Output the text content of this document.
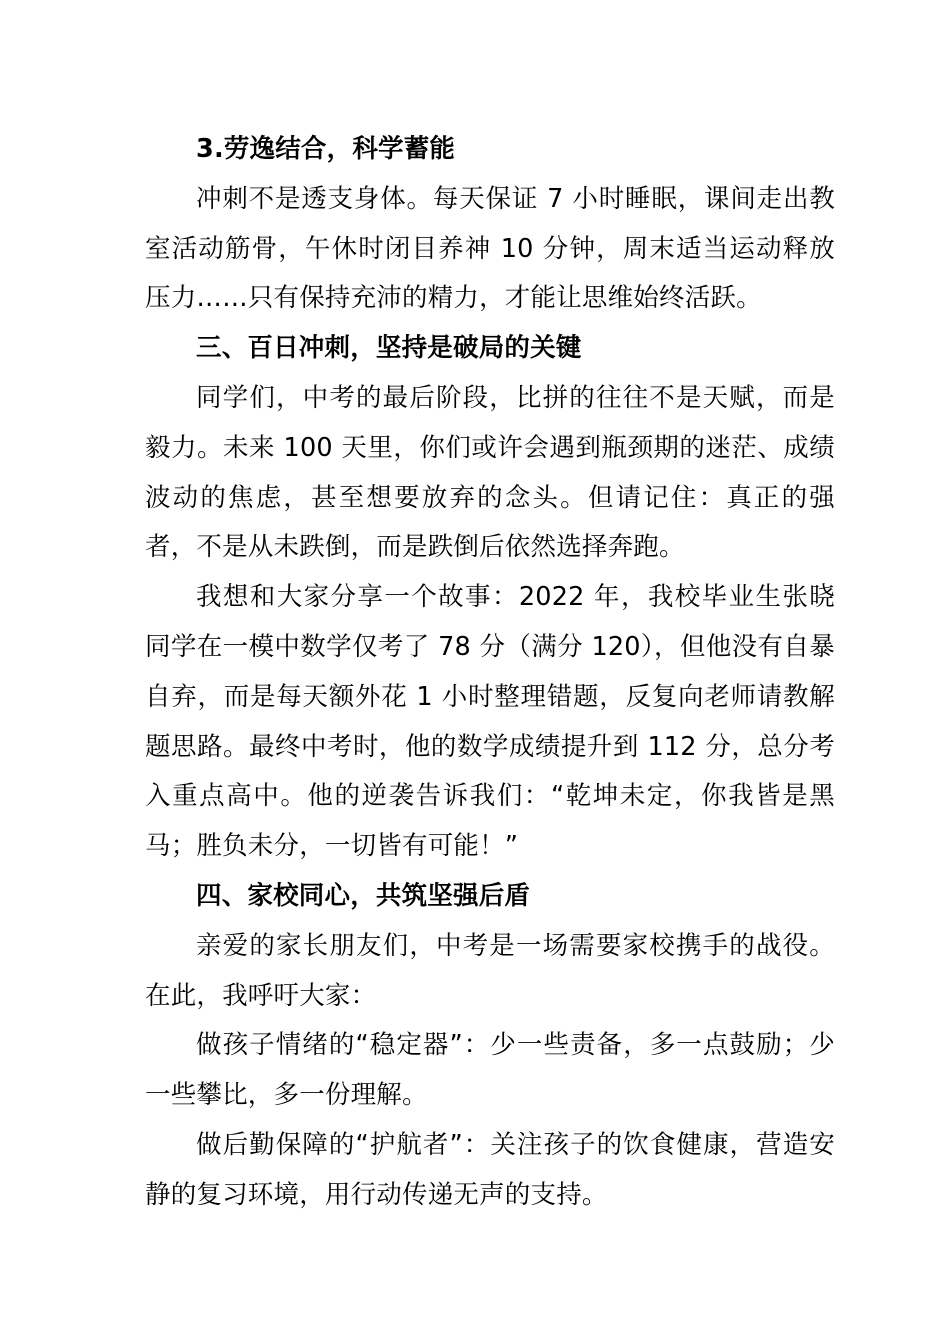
3.劳逸结合，科学蓄能

冲刺不是透支身体。每天保证 7 小时睡眠，课间走出教室活动筋骨，午休时闭目养神 10 分钟，周末适当运动释放压力……只有保持充沛的精力，才能让思维始终活跃。

三、百日冲刺，坚持是破局的关键

同学们，中考的最后阶段，比拼的往往不是天赋，而是毅力。未来 100 天里，你们或许会遇到瓶颈期的迷茫、成绩波动的焦虑，甚至想要放弃的念头。但请记住：真正的强者，不是从未跌倒，而是跌倒后依然选择奔跑。

我想和大家分享一个故事：2022 年，我校毕业生张晓同学在一模中数学仅考了 78 分（满分 120），但他没有自暴自弃，而是每天额外花 1 小时整理错题，反复向老师请教解题思路。最终中考时，他的数学成绩提升到 112 分，总分考入重点高中。他的逆袭告诉我们：“乾坤未定，你我皆是黑马；胜负未分，一切皆有可能！”

四、家校同心，共筑坚强后盾

亲爱的家长朋友们，中考是一场需要家校携手的战役。在此，我呼吁大家：

做孩子情绪的“稳定器”：少一些责备，多一点鼓励；少一些攀比，多一份理解。

做后勤保障的“护航者”：关注孩子的饮食健康，营造安静的复习环境，用行动传递无声的支持。
